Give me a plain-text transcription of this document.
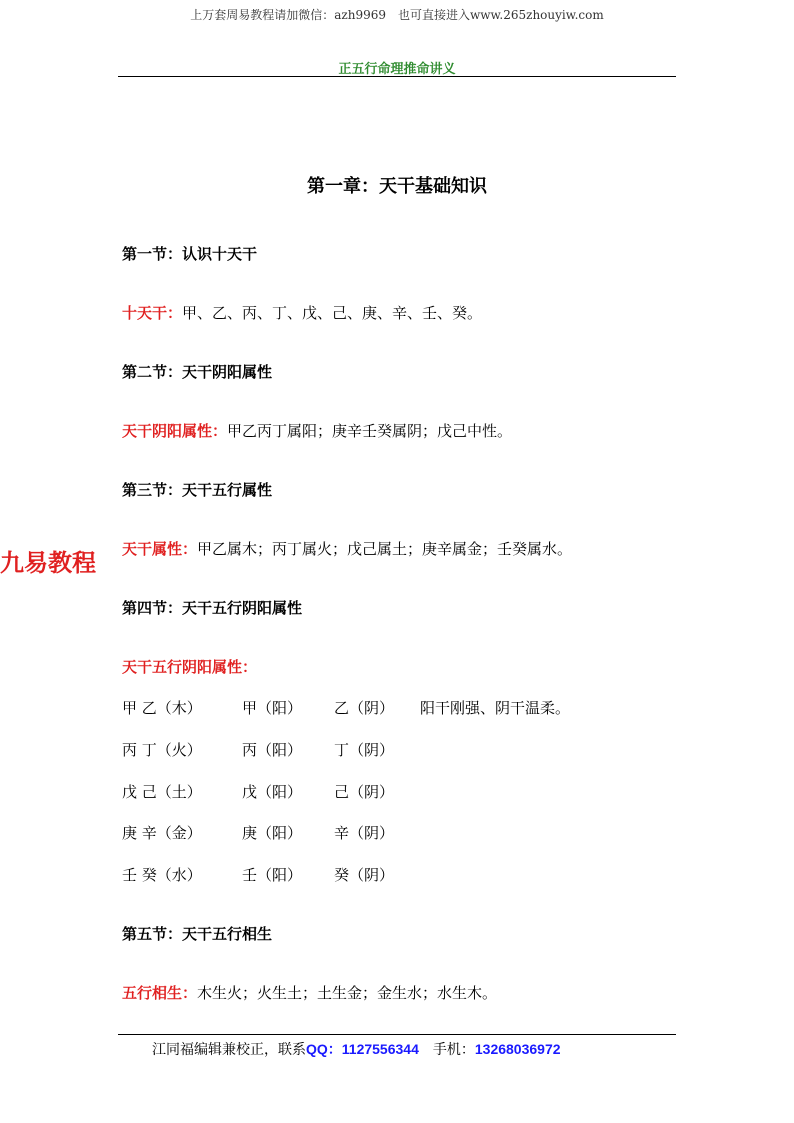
上万套周易教程请加微信：azh9969　也可直接进入www.265zhouyiw.com
正五行命理推命讲义
第一章：天干基础知识
九易教程
第一节：认识十天干
十天干：甲、乙、丙、丁、戊、己、庚、辛、壬、癸。
第二节：天干阴阳属性
天干阴阳属性：甲乙丙丁属阳；庚辛壬癸属阴；戊己中性。
第三节：天干五行属性
天干属性：甲乙属木；丙丁属火；戊己属土；庚辛属金；壬癸属水。
第四节：天干五行阴阳属性
天干五行阴阳属性：
甲 乙（木）	甲（阳） 乙（阴） 阳干刚强、阴干温柔。
丙 丁（火）	丙（阳） 丁（阴）
戊 己（土）	戊（阳） 己（阴）
庚 辛（金）	庚（阳） 辛（阴）
壬 癸（水）	壬（阳） 癸（阴）
第五节：天干五行相生
五行相生：木生火；火生土；土生金；金生水；水生木。
江同福编辑兼校正，联系QQ：1127556344 手机：13268036972
